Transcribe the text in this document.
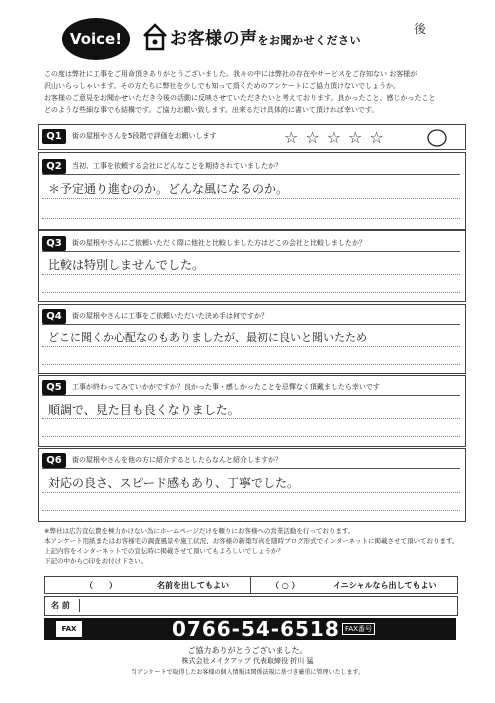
Voice!	お客様の声をお聞かせください
後
この度は弊社に工事をご用命頂きありがとうございました。我々の中には弊社の存在やサービスをご存知ない お客様が
沢山いらっしゃいます。その方たちに弊社を少しでも知って頂くためのアンケートにご協力頂けないでしょうか。
お客様のご意見をお聞かせいただき今後の活動に反映させていただきたいと考えております。良かったこと、感じかったこと
どのような些細な事でも結構です。ご協力お願い致します。出来るだけ具体的に書いて頂ければ幸いです。
Q1	街の屋根やさんを5段階で評価をお願いします	☆☆☆☆☆
Q2	当初、工事を依頼する会社にどんなことを期待されていましたか？
＊予定通り進むのか。どんな風になるのか。
Q3	街の屋根やさんにご依頼いただく際に他社と比較しました方はどこの会社と比較しましたか？
比較は特別しませんでした。
Q4	街の屋根やさんに工事をご依頼いただいた決め手は何ですか？
どこに聞くか心配なのもありましたが、最初に良いと聞いたため
Q5	工事が終わってみていかがですか？良かった事・感しかったことを忌憚なく頂戴ましたら幸いです
順調で、見た目も良くなりました。
Q6	街の屋根やさんを他の方に紹介するとしたらなんと紹介しますか？
対応の良さ、スピード感もあり、丁寧でした。
※弊社は広告宣伝費を極力かけない為にホームページだけを頼りにお客様への営業活動を行っております。
本アンケート用紙またはお客様宅の調査風景や施工状況、お客様の新築写真を随時ブログ形式でインターネットに掲載させて頂いております。
上記内容をインターネットでの宣伝時に掲載させて頂いてもよろしいでしょうか？
下記の中から○印をお付け下さい。
（　　）	名前を出してもよい	（ ○ ）	イニシャルなら出してもよい
名 前
FAX	0766-54-6518 FAX番号
ご協力ありがとうございました。
株式会社メイクアップ 代表取締役 折川 猛
当アンケートで取得したお客様の個人情報は関係法規に基づき厳重に管理いたします。
